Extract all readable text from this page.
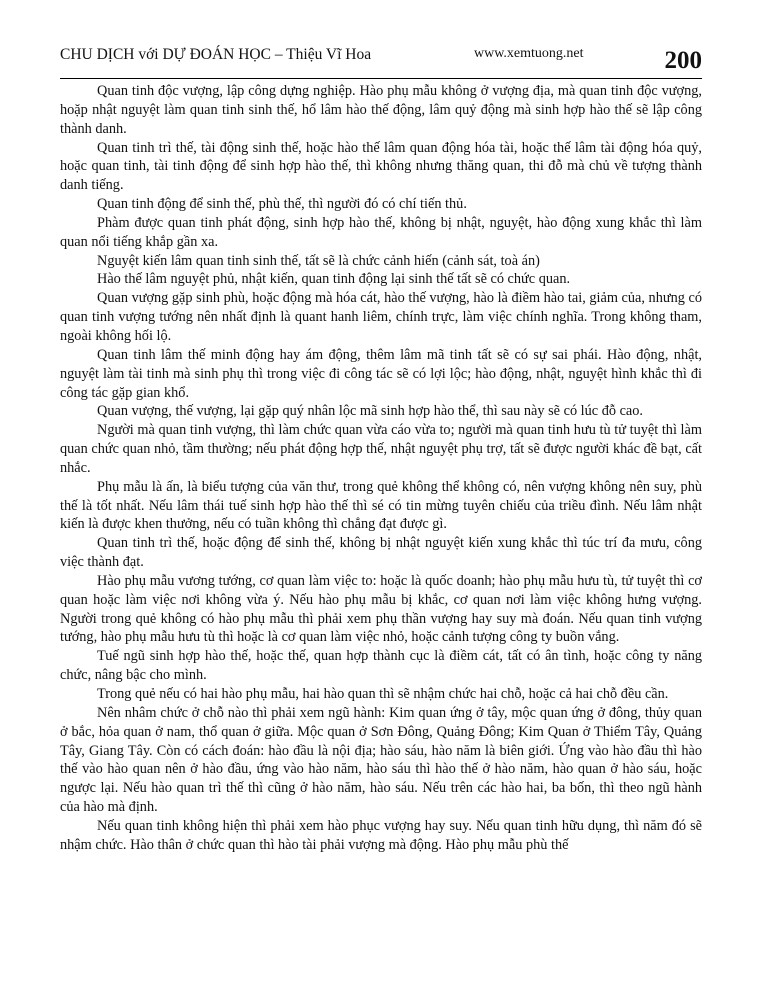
CHU DỊCH với DỰ ĐOÁN HỌC – Thiệu Vĩ Hoa	www.xemtuong.net	200

Quan tinh độc vượng, lập công dựng nghiệp. Hào phụ mẫu không ở vượng địa, mà quan tinh độc vượng, hoặp nhật nguyệt làm quan tinh sinh thế, hổ lâm hào thế động, lâm quỷ động mà sinh hợp hào thế sẽ lập công thành danh.

Quan tinh trì thế, tài động sinh thế, hoặc hào thế lâm quan động hóa tài, hoặc thế lâm tài động hóa quỷ, hoặc quan tinh, tài tinh động để sinh hợp hào thế, thì không nhưng thăng quan, thi đỗ mà chủ về tượng thành danh tiếng.

Quan tinh động để sinh thế, phù thế, thì người đó có chí tiến thủ.

Phàm được quan tinh phát động, sinh hợp hào thế, không bị nhật, nguyệt, hào động xung khắc thì làm quan nổi tiếng khắp gần xa.

Nguyệt kiến lâm quan tinh sinh thế, tất sẽ là chức cảnh hiến (cảnh sát, toà án)

Hào thế lâm nguyệt phủ, nhật kiến, quan tinh động lại sinh thế tất sẽ có chức quan.

Quan vượng gặp sinh phù, hoặc động mà hóa cát, hào thế vượng, hào là điềm hào tai, giảm của, nhưng có quan tinh vượng tướng nên nhất định là quant hanh liêm, chính trực, làm việc chính nghĩa. Trong không tham, ngoài không hối lộ.

Quan tinh lâm thế minh động hay ám động, thêm lâm mã tinh tất sẽ có sự sai phái. Hào động, nhật, nguyệt làm tài tinh mà sinh phụ thì trong việc đi công tác sẽ có lợi lộc; hào động, nhật, nguyệt hình khắc thì đi công tác gặp gian khổ.

Quan vượng, thế vượng, lại gặp quý nhân lộc mã sinh hợp hào thể, thì sau này sẽ có lúc đỗ cao.

Người mà quan tinh vượng, thì làm chức quan vừa cáo vừa to; người mà quan tinh hưu tù tử tuyệt thì làm quan chức quan nhỏ, tầm thường; nếu phát động hợp thế, nhật nguyệt phụ trợ, tất sẽ được người khác đề bạt, cất nhắc.

Phụ mẫu là ấn, là biểu tượng của văn thư, trong quẻ không thể không có, nên vượng không nên suy, phù thế là tốt nhất. Nếu lâm thái tuế sinh hợp hào thế thì sé có tin mừng tuyên chiếu của triều đình. Nếu lâm nhật kiến là được khen thưởng, nếu có tuần không thì chẳng đạt được gì.

Quan tinh trì thế, hoặc động để sinh thế, không bị nhật nguyệt kiến xung khắc thì túc trí đa mưu, công việc thành đạt.

Hào phụ mẫu vương tướng, cơ quan làm việc to: hoặc là quốc doanh; hào phụ mẫu hưu tù, tử tuyệt thì cơ quan hoặc làm việc nơi không vừa ý. Nếu hào phụ mẫu bị khắc, cơ quan nơi làm việc không hưng vượng. Người trong quẻ không có hào phụ mẫu thì phải xem phụ thần vượng hay suy mà đoán. Nếu quan tinh vượng tướng, hào phụ mẫu hưu tù thì hoặc là cơ quan làm việc nhỏ, hoặc cảnh tượng công ty buồn vắng.

Tuế ngũ sinh hợp hào thế, hoặc thế, quan hợp thành cục là điềm cát, tất có ân tình, hoặc công ty năng chức, nâng bậc cho mình.

Trong quẻ nếu có hai hào phụ mẫu, hai hào quan thì sẽ nhậm chức hai chỗ, hoặc cả hai chỗ đều cần.

Nên nhâm chức ở chỗ nào thì phải xem ngũ hành: Kim quan ứng ở tây, mộc quan ứng ở đông, thủy quan ở bắc, hỏa quan ở nam, thổ quan ở giữa. Mộc quan ở Sơn Đông, Quảng Đông; Kim Quan ở Thiểm Tây, Quảng Tây, Giang Tây. Còn có cách đoán: hào đầu là nội địa; hào sáu, hào năm là biên giới. Ứng vào hào đầu thì hào thế vào hào quan nên ở hào đầu, ứng vào hào năm, hào sáu thì hào thế ở hào năm, hào quan ở hào sáu, hoặc ngược lại. Nếu hào quan trì thế thì cũng ở hào năm, hào sáu. Nếu trên các hào hai, ba bốn, thì theo ngũ hành của hào mà định.

Nếu quan tinh không hiện thì phải xem hào phục vượng hay suy. Nếu quan tinh hữu dụng, thì năm đó sẽ nhậm chức. Hào thân ở chức quan thì hào tài phải vượng mà động. Hào phụ mẫu phù thế
